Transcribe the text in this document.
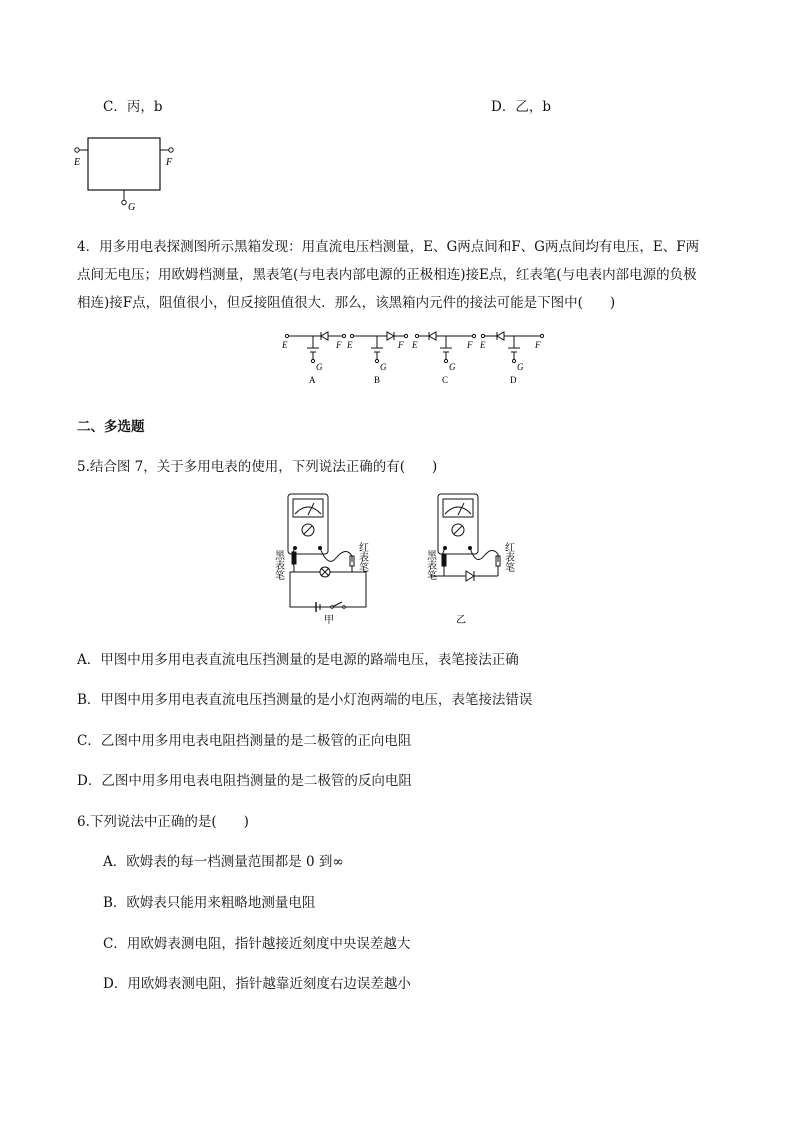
C．丙，b	D．乙，b
E	F
G
4．用多用电表探测图所示黑箱发现：用直流电压档测量，E、G两点间和F、G两点间均有电压，E、F两
点间无电压；用欧姆档测量，黑表笔(与电表内部电源的正极相连)接E点，红表笔(与电表内部电源的负极
相连)接F点，阻值很小，但反接阻值很大．那么，该黑箱内元件的接法可能是下图中(　　)
E	F
G
A
E	F
G
B
E	F
G
C
E	F
G
D
二、多选题
5.结合图 7，关于多用电表的使用，下列说法正确的有(　　)
黑表笔	红表笔
甲
黑表笔	红表笔
乙
A．甲图中用多用电表直流电压挡测量的是电源的路端电压，表笔接法正确
B．甲图中用多用电表直流电压挡测量的是小灯泡两端的电压，表笔接法错误
C．乙图中用多用电表电阻挡测量的是二极管的正向电阻
D．乙图中用多用电表电阻挡测量的是二极管的反向电阻
6.下列说法中正确的是(　　)
A．欧姆表的每一档测量范围都是 0 到∞
B．欧姆表只能用来粗略地测量电阻
C．用欧姆表测电阻，指针越接近刻度中央误差越大
D．用欧姆表测电阻，指针越靠近刻度右边误差越小
